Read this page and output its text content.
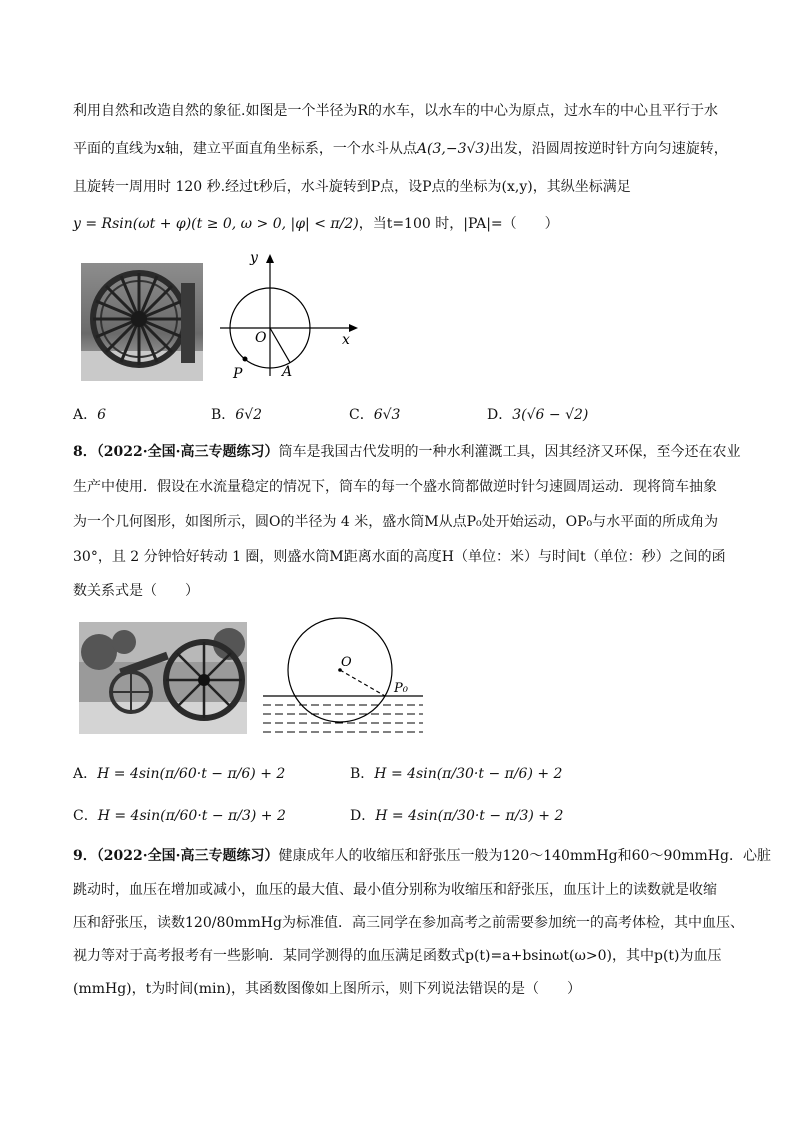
利用自然和改造自然的象征.如图是一个半径为R的水车，以水车的中心为原点，过水车的中心且平行于水
平面的直线为x轴，建立平面直角坐标系，一个水斗从点A(3,−3√3)出发，沿圆周按逆时针方向匀速旋转，
且旋转一周用时 120 秒.经过t秒后，水斗旋转到P点，设P点的坐标为(x,y)，其纵坐标满足
y = Rsin(ωt + φ)(t ≥ 0, ω > 0, |φ| < π/2)，当t=100 时，|PA|=（　　）
y
x
O
P	A
A．6	B．6√2	C．6√3	D．3(√6 − √2)
8．（2022·全国·高三专题练习）筒车是我国古代发明的一种水利灌溉工具，因其经济又环保，至今还在农业
生产中使用．假设在水流量稳定的情况下，筒车的每一个盛水筒都做逆时针匀速圆周运动．现将筒车抽象
为一个几何图形，如图所示，圆O的半径为 4 米，盛水筒M从点P₀处开始运动，OP₀与水平面的所成角为
30°，且 2 分钟恰好转动 1 圈，则盛水筒M距离水面的高度H（单位：米）与时间t（单位：秒）之间的函
数关系式是（　　）
O
P₀
A．H = 4sin(π/60·t − π/6) + 2	B．H = 4sin(π/30·t − π/6) + 2
C．H = 4sin(π/60·t − π/3) + 2	D．H = 4sin(π/30·t − π/3) + 2
9．（2022·全国·高三专题练习）健康成年人的收缩压和舒张压一般为120～140mmHg和60～90mmHg．心脏
跳动时，血压在增加或减小，血压的最大值、最小值分别称为收缩压和舒张压，血压计上的读数就是收缩
压和舒张压，读数120/80mmHg为标准值．高三同学在参加高考之前需要参加统一的高考体检，其中血压、
视力等对于高考报考有一些影响．某同学测得的血压满足函数式p(t)=a+bsinωt(ω>0)，其中p(t)为血压
(mmHg)，t为时间(min)，其函数图像如上图所示，则下列说法错误的是（　　）
